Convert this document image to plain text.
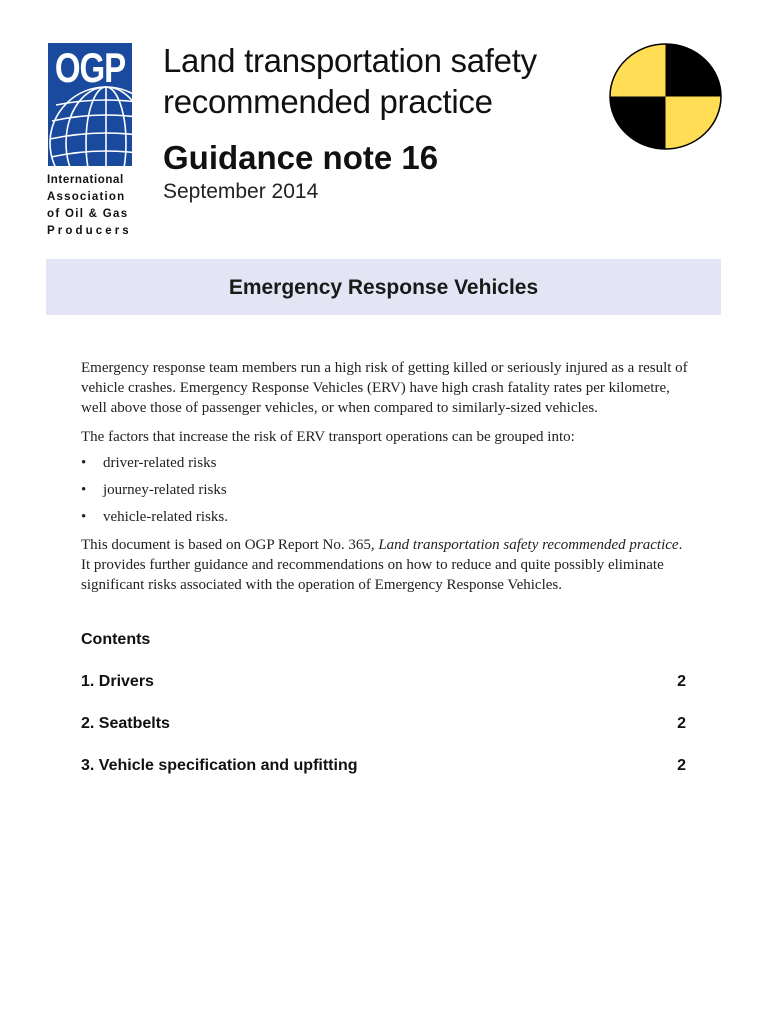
OGP
International
Association
of Oil & Gas
Producers
Land transportation safety
recommended practice
Guidance note 16
September 2014
Emergency Response Vehicles

Emergency response team members run a high risk of getting killed or seriously injured as a result of vehicle crashes. Emergency Response Vehicles (ERV) have high crash fatality rates per kilometre, well above those of passenger vehicles, or when compared to similarly-sized vehicles.

The factors that increase the risk of ERV transport operations can be grouped into:

• driver-related risks
• journey-related risks
• vehicle-related risks.

This document is based on OGP Report No. 365, Land transportation safety recommended practice. It provides further guidance and recommendations on how to reduce and quite possibly eliminate significant risks associated with the operation of Emergency Response Vehicles.

Contents
1. Drivers	2
2. Seatbelts	2
3. Vehicle specification and upfitting	2
